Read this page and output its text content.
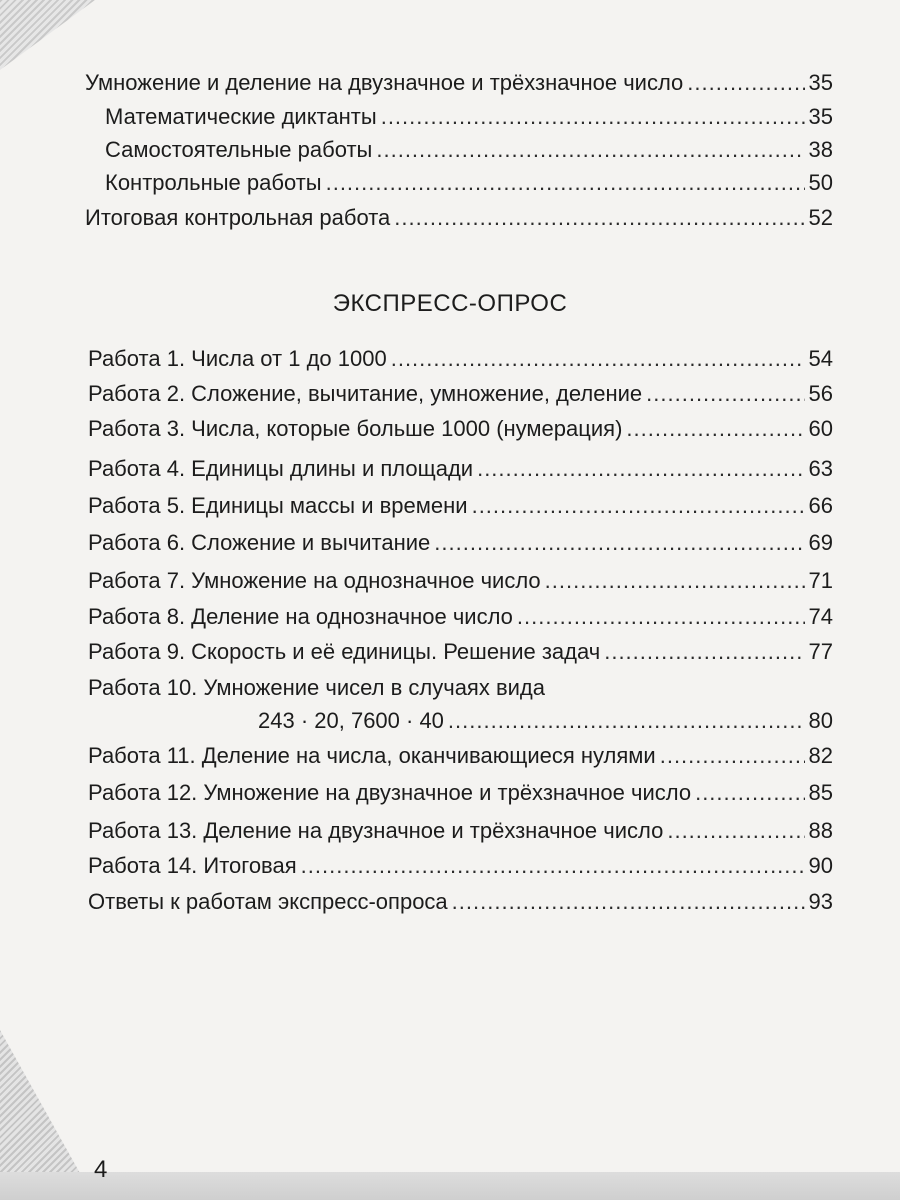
Умножение и деление на двузначное и трёхзначное число .....	35
Математические диктанты .....	35
Самостоятельные работы .....	38
Контрольные работы .....	50
Итоговая контрольная работа .....	52
ЭКСПРЕСС-ОПРОС
Работа 1. Числа от 1 до 1000 .....	54
Работа 2. Сложение, вычитание, умножение, деление .....	56
Работа 3. Числа, которые больше 1000 (нумерация) .....	60
Работа 4. Единицы длины и площади .....	63
Работа 5. Единицы массы и времени .....	66
Работа 6. Сложение и вычитание .....	69
Работа 7. Умножение на однозначное число .....	71
Работа 8. Деление на однозначное число .....	74
Работа 9. Скорость и её единицы. Решение задач .....	77
Работа 10. Умножение чисел в случаях вида
243 · 20, 7600 · 40 .....	80
Работа 11. Деление на числа, оканчивающиеся нулями .....	82
Работа 12. Умножение на двузначное и трёхзначное число .....	85
Работа 13. Деление на двузначное и трёхзначное число .....	88
Работа 14. Итоговая .....	90
Ответы к работам экспресс-опроса .....	93
4
